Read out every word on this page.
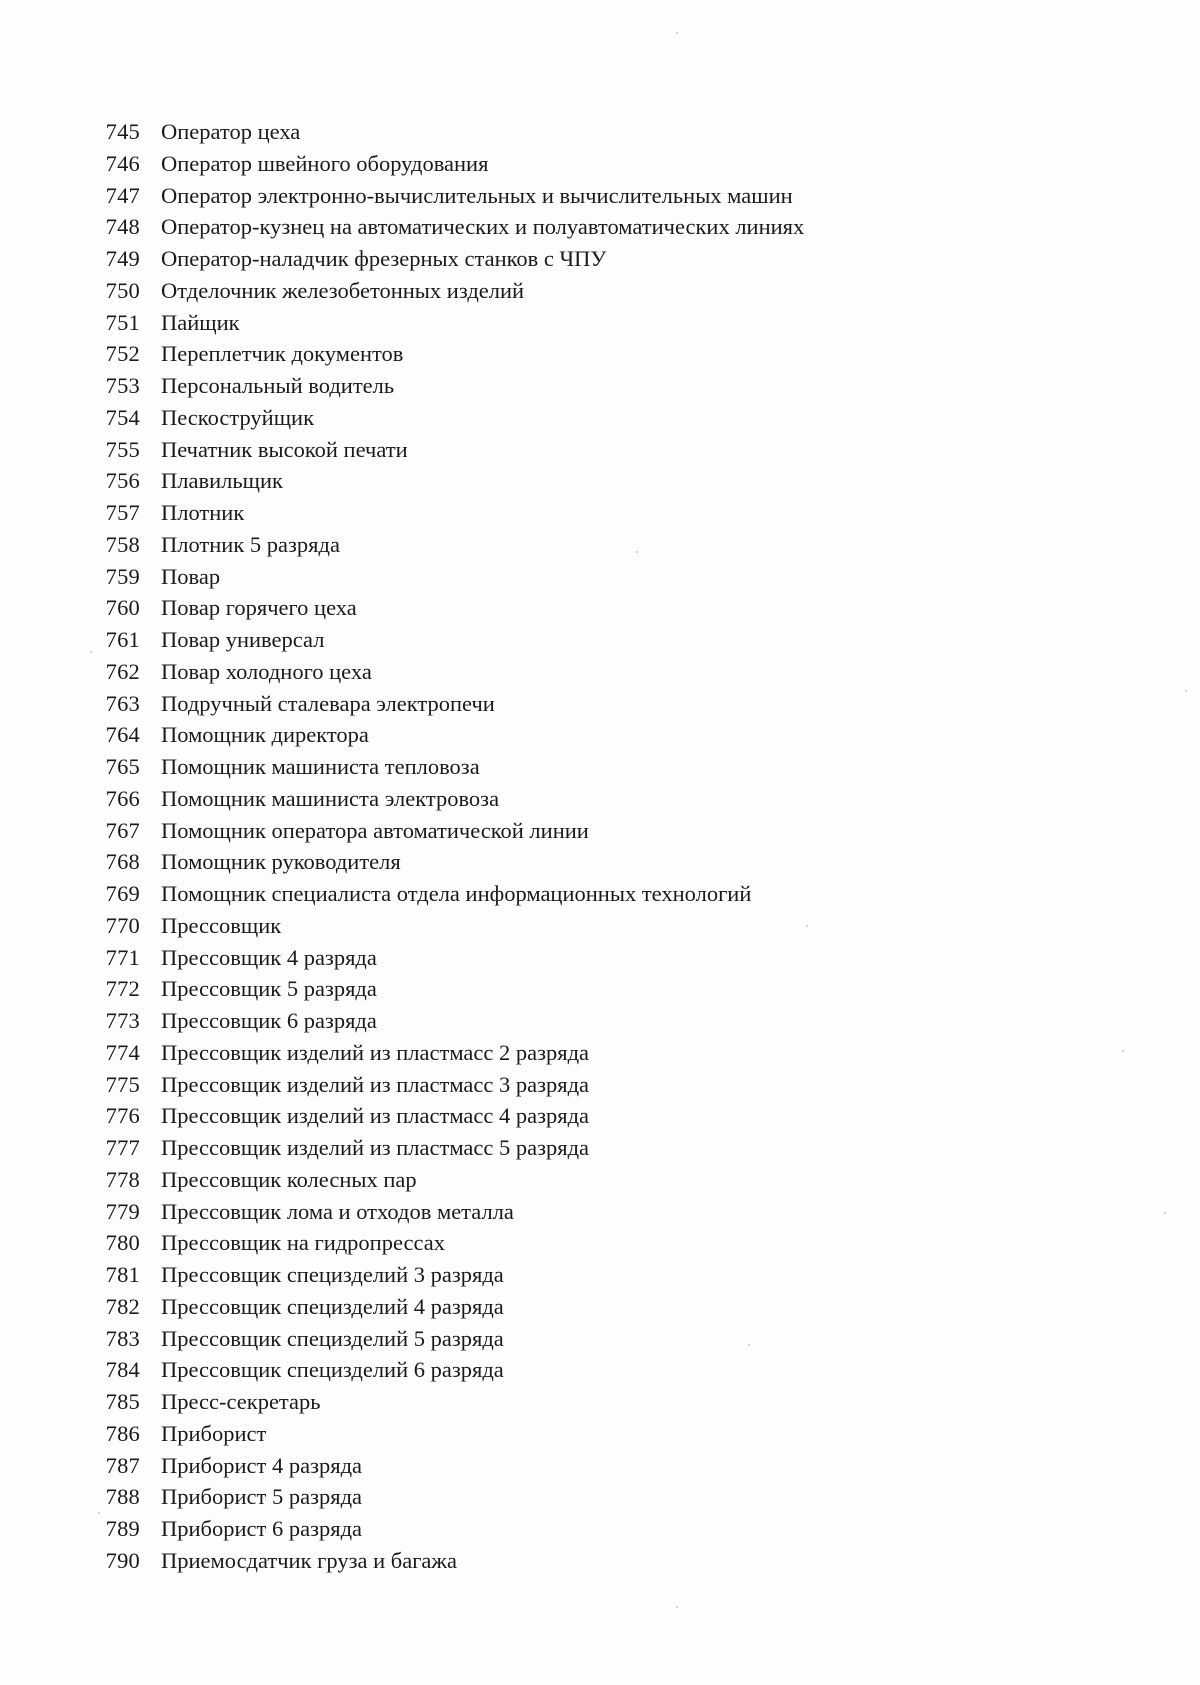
745 Оператор цеха
746 Оператор швейного оборудования
747 Оператор электронно-вычислительных и вычислительных машин
748 Оператор-кузнец на автоматических и полуавтоматических линиях
749 Оператор-наладчик фрезерных станков с ЧПУ
750 Отделочник железобетонных изделий
751 Пайщик
752 Переплетчик документов
753 Персональный водитель
754 Пескоструйщик
755 Печатник высокой печати
756 Плавильщик
757 Плотник
758 Плотник 5 разряда
759 Повар
760 Повар горячего цеха
761 Повар универсал
762 Повар холодного цеха
763 Подручный сталевара электропечи
764 Помощник директора
765 Помощник машиниста тепловоза
766 Помощник машиниста электровоза
767 Помощник оператора автоматической линии
768 Помощник руководителя
769 Помощник специалиста отдела информационных технологий
770 Прессовщик
771 Прессовщик 4 разряда
772 Прессовщик 5 разряда
773 Прессовщик 6 разряда
774 Прессовщик изделий из пластмасс 2 разряда
775 Прессовщик изделий из пластмасс 3 разряда
776 Прессовщик изделий из пластмасс 4 разряда
777 Прессовщик изделий из пластмасс 5 разряда
778 Прессовщик колесных пар
779 Прессовщик лома и отходов металла
780 Прессовщик на гидропрессах
781 Прессовщик специзделий 3 разряда
782 Прессовщик специзделий 4 разряда
783 Прессовщик специзделий 5 разряда
784 Прессовщик специзделий 6 разряда
785 Пресс-секретарь
786 Приборист
787 Приборист 4 разряда
788 Приборист 5 разряда
789 Приборист 6 разряда
790 Приемосдатчик груза и багажа
